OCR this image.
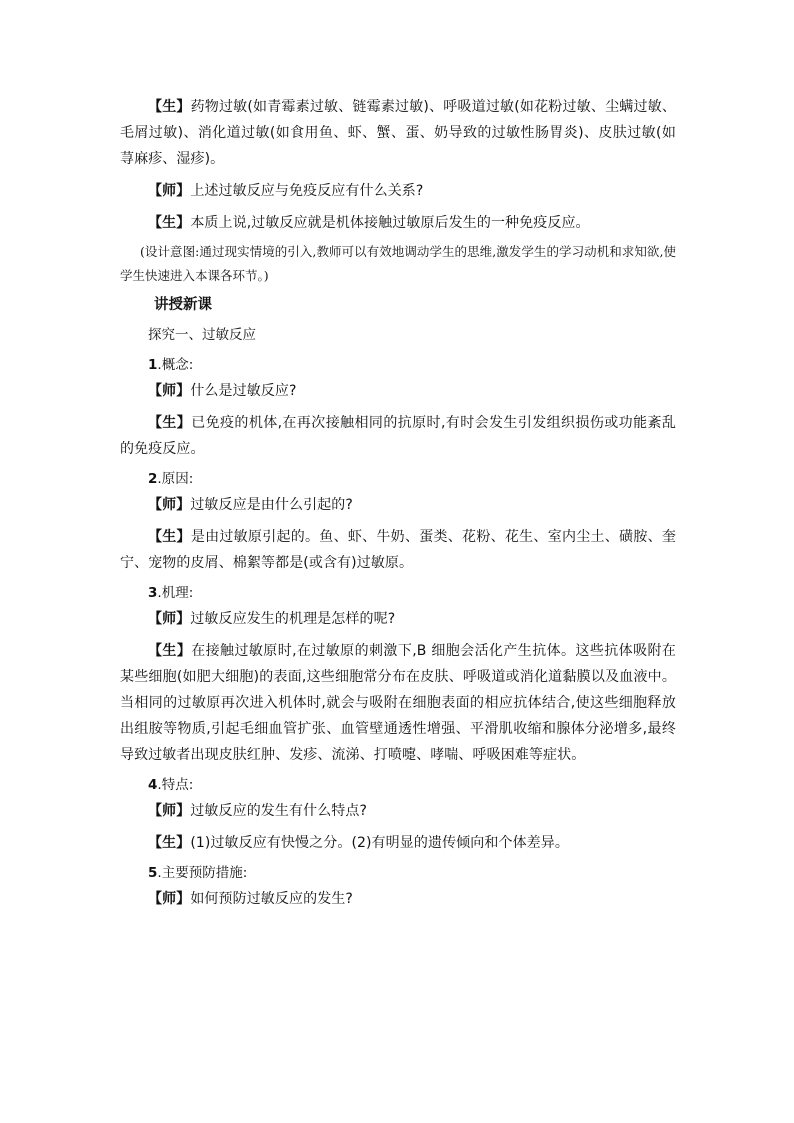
【生】药物过敏(如青霉素过敏、链霉素过敏)、呼吸道过敏(如花粉过敏、尘螨过敏、毛屑过敏)、消化道过敏(如食用鱼、虾、蟹、蛋、奶导致的过敏性肠胃炎)、皮肤过敏(如荨麻疹、湿疹)。

【师】上述过敏反应与免疫反应有什么关系?

【生】本质上说,过敏反应就是机体接触过敏原后发生的一种免疫反应。

(设计意图:通过现实情境的引入,教师可以有效地调动学生的思维,激发学生的学习动机和求知欲,使学生快速进入本课各环节。)

讲授新课

探究一、过敏反应

1.概念:

【师】什么是过敏反应?

【生】已免疫的机体,在再次接触相同的抗原时,有时会发生引发组织损伤或功能紊乱的免疫反应。

2.原因:

【师】过敏反应是由什么引起的?

【生】是由过敏原引起的。鱼、虾、牛奶、蛋类、花粉、花生、室内尘土、磺胺、奎宁、宠物的皮屑、棉絮等都是(或含有)过敏原。

3.机理:

【师】过敏反应发生的机理是怎样的呢?

【生】在接触过敏原时,在过敏原的刺激下,B 细胞会活化产生抗体。这些抗体吸附在某些细胞(如肥大细胞)的表面,这些细胞常分布在皮肤、呼吸道或消化道黏膜以及血液中。当相同的过敏原再次进入机体时,就会与吸附在细胞表面的相应抗体结合,使这些细胞释放出组胺等物质,引起毛细血管扩张、血管壁通透性增强、平滑肌收缩和腺体分泌增多,最终导致过敏者出现皮肤红肿、发疹、流涕、打喷嚏、哮喘、呼吸困难等症状。

4.特点:

【师】过敏反应的发生有什么特点?

【生】(1)过敏反应有快慢之分。(2)有明显的遗传倾向和个体差异。

5.主要预防措施:

【师】如何预防过敏反应的发生?
